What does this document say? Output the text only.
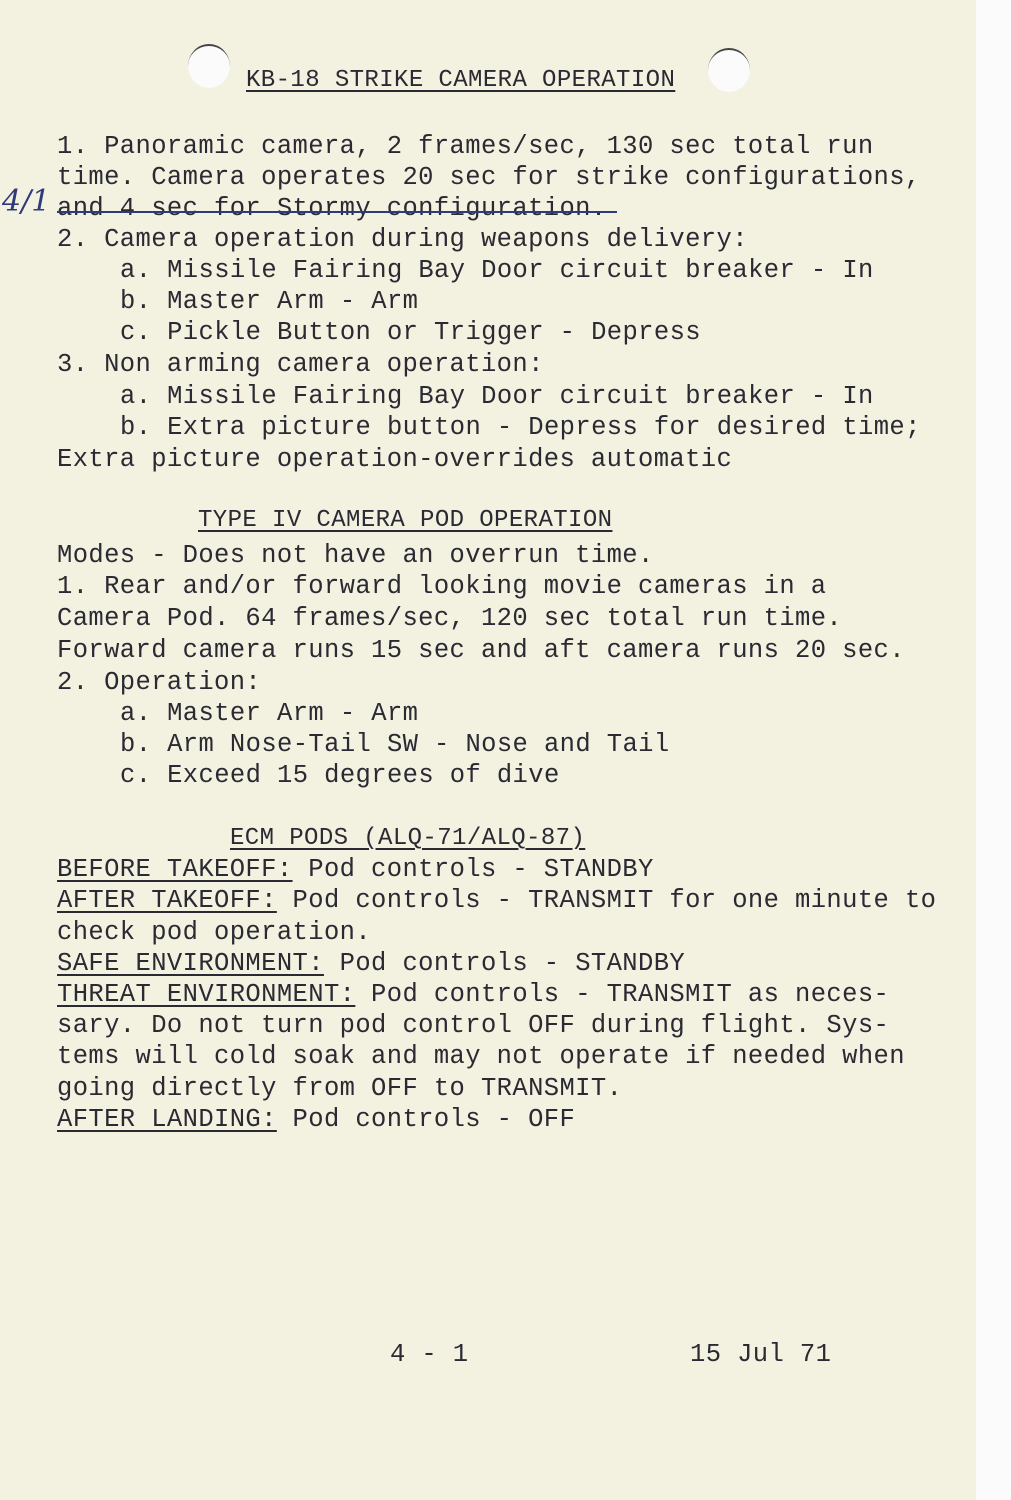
KB-18 STRIKE CAMERA OPERATION
4/1
1. Panoramic camera, 2 frames/sec, 130 sec total run
time. Camera operates 20 sec for strike configurations,
and 4 sec for Stormy configuration.
2. Camera operation during weapons delivery:
a. Missile Fairing Bay Door circuit breaker - In
b. Master Arm - Arm
c. Pickle Button or Trigger - Depress
3. Non arming camera operation:
a. Missile Fairing Bay Door circuit breaker - In
b. Extra picture button - Depress for desired time;
Extra picture operation-overrides automatic
TYPE IV CAMERA POD OPERATION
Modes - Does not have an overrun time.
1. Rear and/or forward looking movie cameras in a
Camera Pod. 64 frames/sec, 120 sec total run time.
Forward camera runs 15 sec and aft camera runs 20 sec.
2. Operation:
a. Master Arm - Arm
b. Arm Nose-Tail SW - Nose and Tail
c. Exceed 15 degrees of dive
ECM PODS (ALQ-71/ALQ-87)
BEFORE TAKEOFF: Pod controls - STANDBY
AFTER TAKEOFF: Pod controls - TRANSMIT for one minute to
check pod operation.
SAFE ENVIRONMENT: Pod controls - STANDBY
THREAT ENVIRONMENT: Pod controls - TRANSMIT as neces-
sary. Do not turn pod control OFF during flight. Sys-
tems will cold soak and may not operate if needed when
going directly from OFF to TRANSMIT.
AFTER LANDING: Pod controls - OFF
4 - 1	15 Jul 71
